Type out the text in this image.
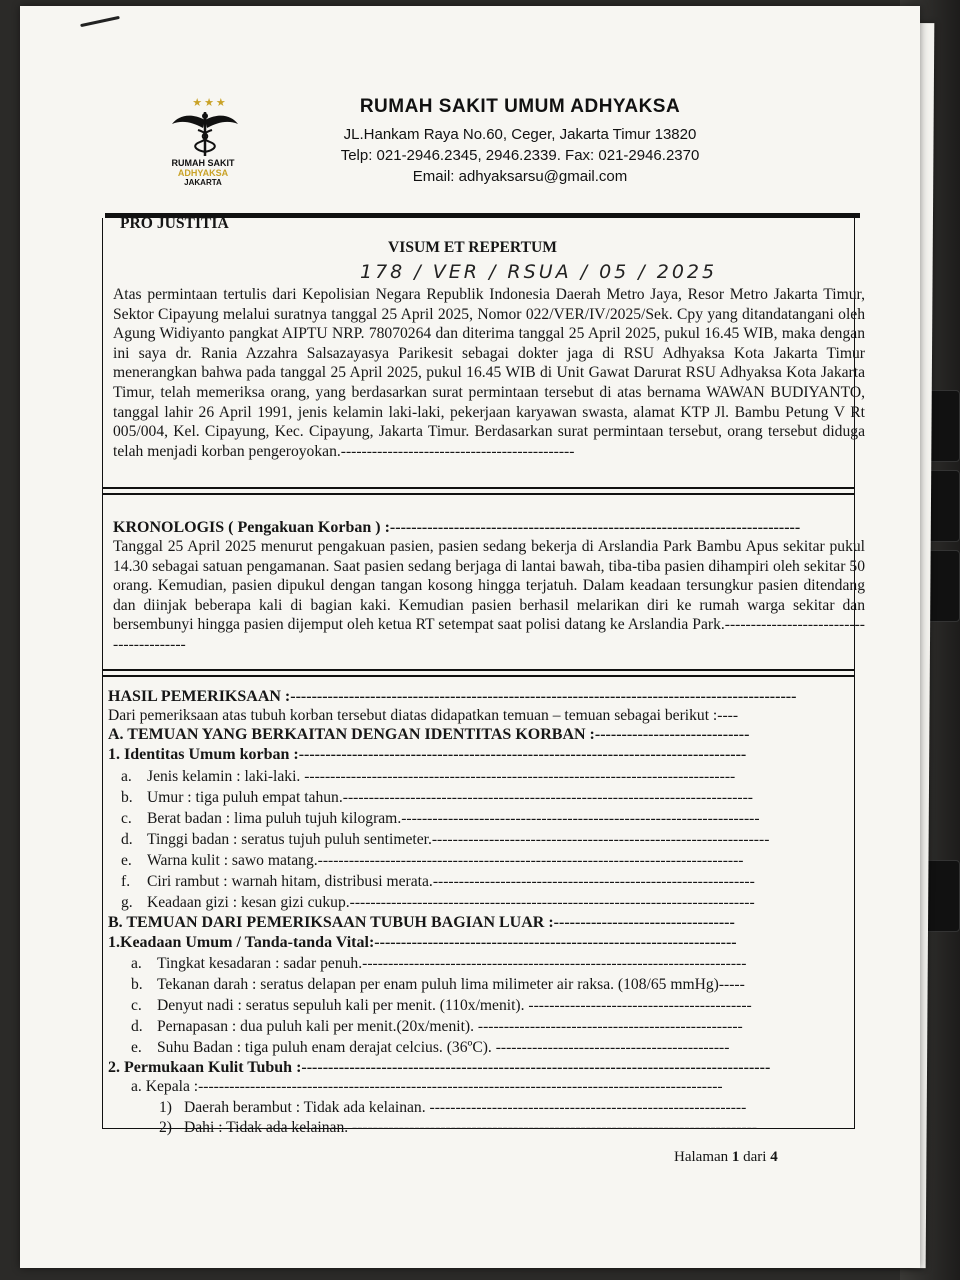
★★★
RUMAH SAKIT
ADHYAKSA
JAKARTA
RUMAH SAKIT UMUM ADHYAKSA
JL.Hankam Raya No.60, Ceger, Jakarta Timur 13820
Telp: 021-2946.2345, 2946.2339. Fax: 021-2946.2370
Email: adhyaksarsu@gmail.com
PRO JUSTITIA
VISUM ET REPERTUM
178 / VER / RSUA / 05 / 2025
Atas permintaan tertulis dari Kepolisian Negara Republik Indonesia Daerah Metro Jaya, Resor Metro Jakarta Timur, Sektor Cipayung melalui suratnya tanggal 25 April 2025, Nomor 022/VER/IV/2025/Sek. Cpy yang ditandatangani oleh Agung Widiyanto pangkat AIPTU NRP. 78070264 dan diterima tanggal 25 April 2025, pukul 16.45 WIB, maka dengan ini saya dr. Rania Azzahra Salsazayasya Parikesit sebagai dokter jaga di RSU Adhyaksa Kota Jakarta Timur menerangkan bahwa pada tanggal 25 April 2025, pukul 16.45 WIB di Unit Gawat Darurat RSU Adhyaksa Kota Jakarta Timur, telah memeriksa orang, yang berdasarkan surat permintaan tersebut di atas bernama WAWAN BUDIYANTO, tanggal lahir 26 April 1991, jenis kelamin laki-laki, pekerjaan karyawan swasta, alamat KTP Jl. Bambu Petung V Rt 005/004, Kel. Cipayung, Kec. Cipayung, Jakarta Timur. Berdasarkan surat permintaan tersebut, orang tersebut diduga telah menjadi korban pengeroyokan.---------------------------------------------
KRONOLOGIS ( Pengakuan Korban ) :-----------------------------------------------------------------------------
Tanggal 25 April 2025 menurut pengakuan pasien, pasien sedang bekerja di Arslandia Park Bambu Apus sekitar pukul 14.30 sebagai satuan pengamanan. Saat pasien sedang berjaga di lantai bawah, tiba-tiba pasien dihampiri oleh sekitar 50 orang. Kemudian, pasien dipukul dengan tangan kosong hingga terjatuh. Dalam keadaan tersungkur pasien ditendang dan diinjak beberapa kali di bagian kaki. Kemudian pasien berhasil melarikan diri ke rumah warga sekitar dan bersembunyi hingga pasien dijemput oleh ketua RT setempat saat polisi datang ke Arslandia Park.-----------------------------------------
HASIL PEMERIKSAAN :-----------------------------------------------------------------------------------------------
Dari pemeriksaan atas tubuh korban tersebut diatas didapatkan temuan – temuan sebagai berikut :----
A. TEMUAN YANG BERKAITAN DENGAN IDENTITAS KORBAN :-----------------------------
1. Identitas Umum korban :------------------------------------------------------------------------------------
a. Jenis kelamin : laki-laki. -----------------------------------------------------------------------------------
b. Umur : tiga puluh empat tahun.-------------------------------------------------------------------------------
c. Berat badan : lima puluh tujuh kilogram.---------------------------------------------------------------------
d. Tinggi badan : seratus tujuh puluh sentimeter.-----------------------------------------------------------------
e. Warna kulit : sawo matang.----------------------------------------------------------------------------------
f. Ciri rambut : warnah hitam, distribusi merata.--------------------------------------------------------------
g. Keadaan gizi : kesan gizi cukup.------------------------------------------------------------------------------
B. TEMUAN DARI PEMERIKSAAN TUBUH BAGIAN LUAR :----------------------------------
1.Keadaan Umum / Tanda-tanda Vital:--------------------------------------------------------------------
a. Tingkat kesadaran : sadar penuh.--------------------------------------------------------------------------
b. Tekanan darah : seratus delapan per enam puluh lima milimeter air raksa. (108/65 mmHg)-----
c. Denyut nadi : seratus sepuluh kali per menit. (110x/menit). -------------------------------------------
d. Pernapasan : dua puluh kali per menit.(20x/menit). ---------------------------------------------------
e. Suhu Badan : tiga puluh enam derajat celcius. (36ºC). ---------------------------------------------
2. Permukaan Kulit Tubuh :----------------------------------------------------------------------------------------
a. Kepala :-----------------------------------------------------------------------------------------------------
1) Daerah berambut : Tidak ada kelainan. -------------------------------------------------------------
2) Dahi : Tidak ada kelainan. ------------------------------------------------------------------------------
Halaman 1 dari 4
